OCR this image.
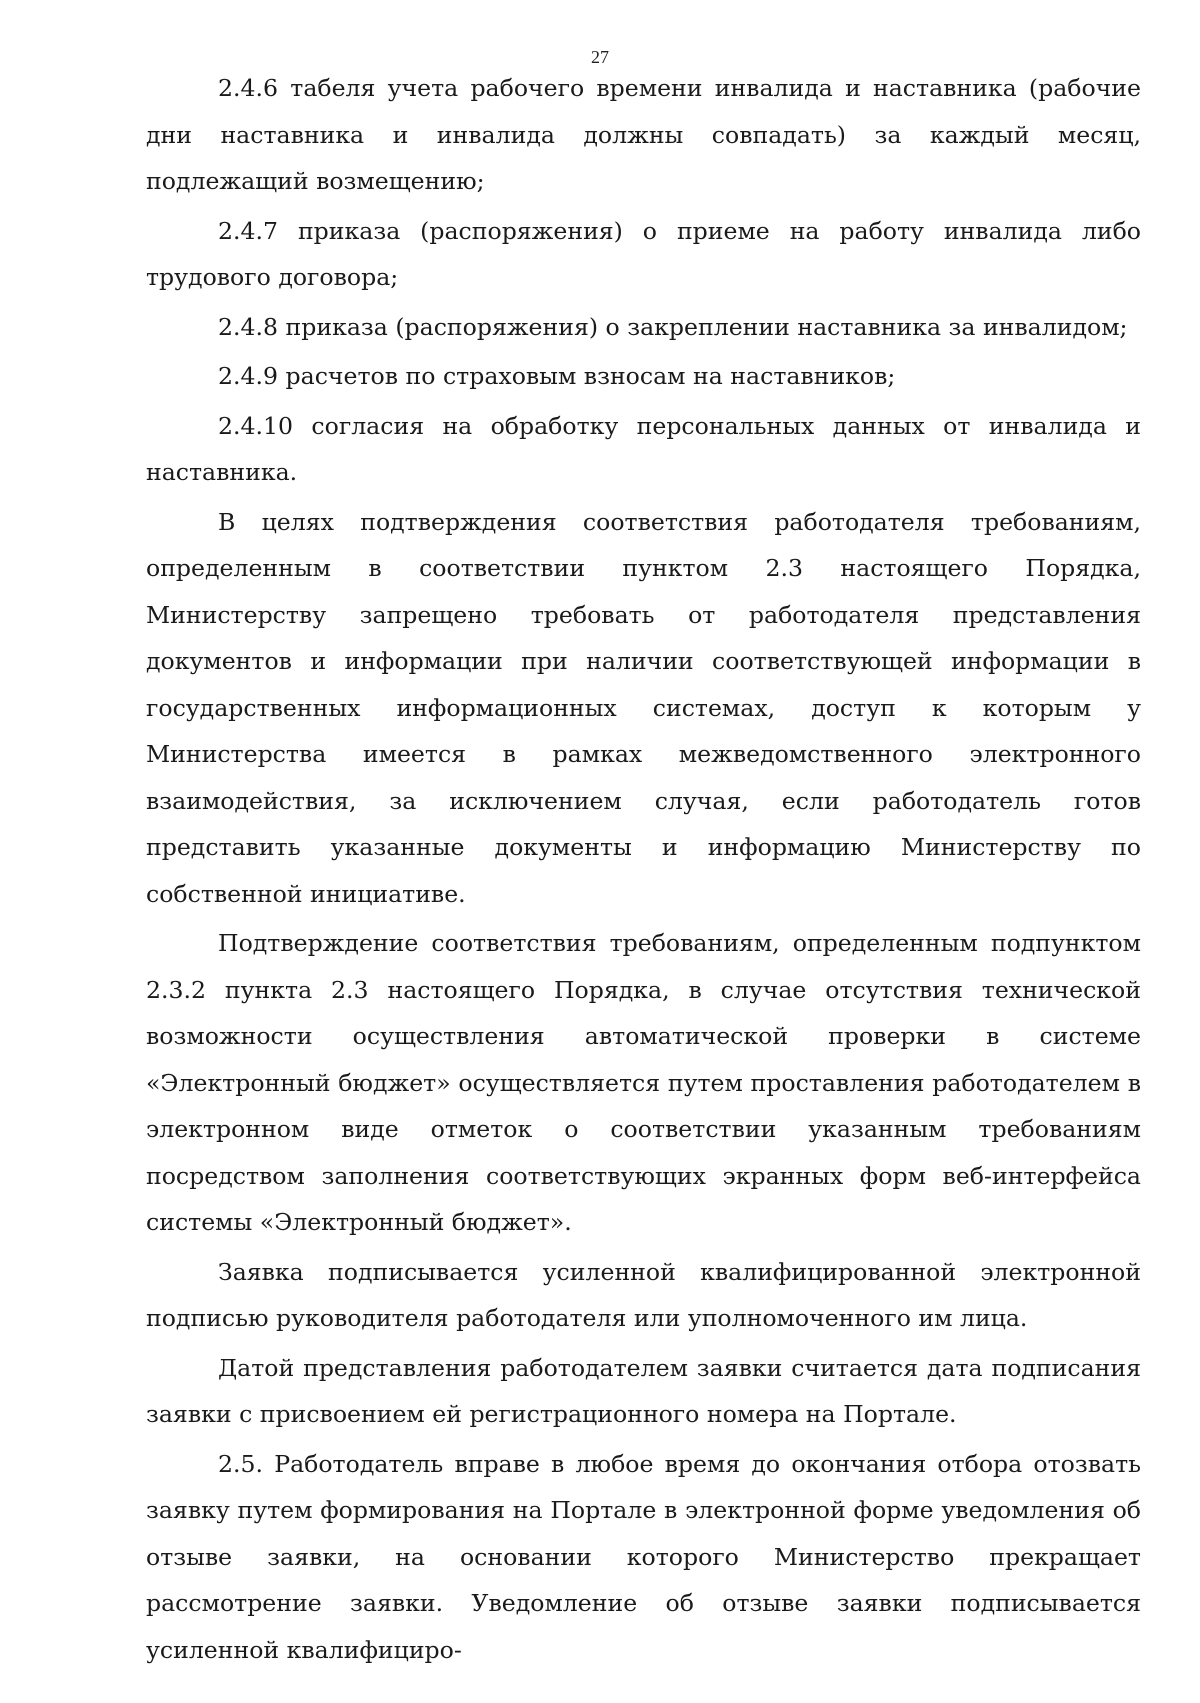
27

2.4.6 табеля учета рабочего времени инвалида и наставника (рабочие дни наставника и инвалида должны совпадать) за каждый месяц, подлежащий возмещению;

2.4.7 приказа (распоряжения) о приеме на работу инвалида либо трудового договора;

2.4.8 приказа (распоряжения) о закреплении наставника за инвалидом;

2.4.9 расчетов по страховым взносам на наставников;

2.4.10 согласия на обработку персональных данных от инвалида и наставника.

В целях подтверждения соответствия работодателя требованиям, определенным в соответствии пунктом 2.3 настоящего Порядка, Министерству запрещено требовать от работодателя представления документов и информации при наличии соответствующей информации в государственных информационных системах, доступ к которым у Министерства имеется в рамках межведомственного электронного взаимодействия, за исключением случая, если работодатель готов представить указанные документы и информацию Министерству по собственной инициативе.

Подтверждение соответствия требованиям, определенным подпунктом 2.3.2 пункта 2.3 настоящего Порядка, в случае отсутствия технической возможности осуществления автоматической проверки в системе «Электронный бюджет» осуществляется путем проставления работодателем в электронном виде отметок о соответствии указанным требованиям посредством заполнения соответствующих экранных форм веб-интерфейса системы «Электронный бюджет».

Заявка подписывается усиленной квалифицированной электронной подписью руководителя работодателя или уполномоченного им лица.

Датой представления работодателем заявки считается дата подписания заявки с присвоением ей регистрационного номера на Портале.

2.5. Работодатель вправе в любое время до окончания отбора отозвать заявку путем формирования на Портале в электронной форме уведомления об отзыве заявки, на основании которого Министерство прекращает рассмотрение заявки. Уведомление об отзыве заявки подписывается усиленной квалифициро-
